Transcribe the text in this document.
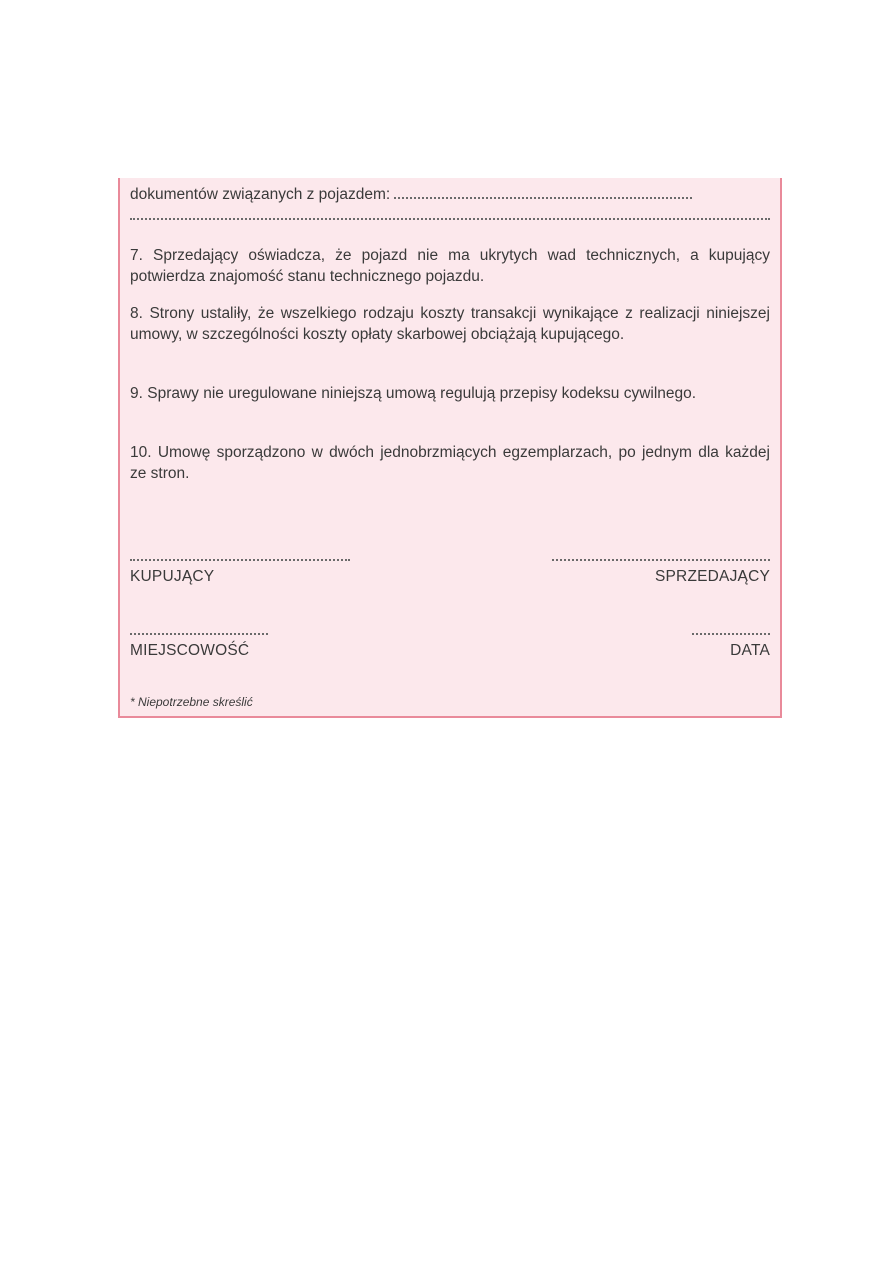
dokumentów związanych z pojazdem:
7. Sprzedający oświadcza, że pojazd nie ma ukrytych wad technicznych, a kupujący potwierdza znajomość stanu technicznego pojazdu.
8. Strony ustaliły, że wszelkiego rodzaju koszty transakcji wynikające z realizacji niniejszej umowy, w szczególności koszty opłaty skarbowej obciążają kupującego.
9. Sprawy nie uregulowane niniejszą umową regulują przepisy kodeksu cywilnego.
10. Umowę sporządzono w dwóch jednobrzmiących egzemplarzach, po jednym dla każdej ze stron.
KUPUJĄCY	SPRZEDAJĄCY
MIEJSCOWOŚĆ	DATA
* Niepotrzebne skreślić
